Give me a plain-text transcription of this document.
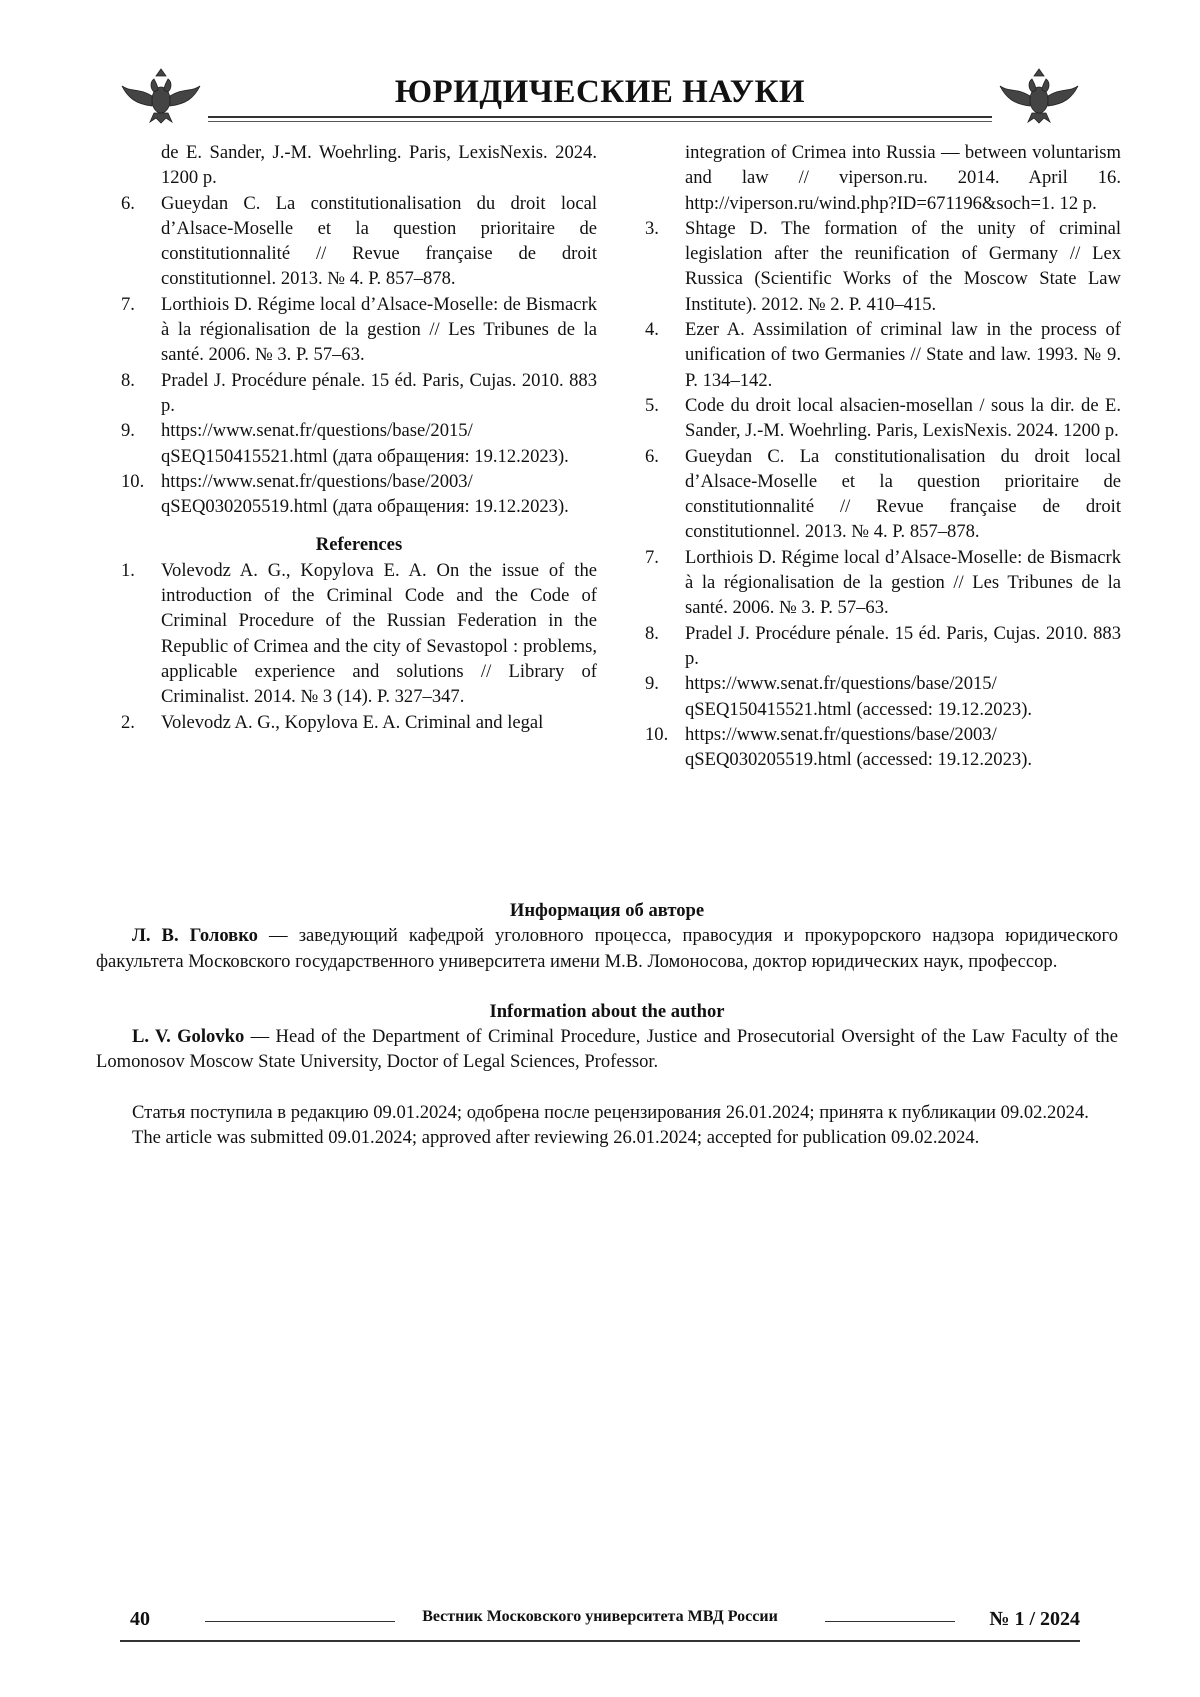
ЮРИДИЧЕСКИЕ НАУКИ
de E. Sander, J.-M. Woehrling. Paris, LexisNexis. 2024. 1200 p.
6. Gueydan C. La constitutionalisation du droit local d’Alsace-Moselle et la question prioritaire de constitutionnalité // Revue française de droit constitutionnel. 2013. № 4. P. 857–878.
7. Lorthiois D. Régime local d’Alsace-Moselle: de Bismacrk à la régionalisation de la gestion // Les Tribunes de la santé. 2006. № 3. P. 57–63.
8. Pradel J. Procédure pénale. 15 éd. Paris, Cujas. 2010. 883 p.
9. https://www.senat.fr/questions/base/2015/ qSEQ150415521.html (дата обращения: 19.12.2023).
10. https://www.senat.fr/questions/base/2003/ qSEQ030205519.html (дата обращения: 19.12.2023).
References
1. Volevodz A. G., Kopylova E. A. On the issue of the introduction of the Criminal Code and the Code of Criminal Procedure of the Russian Federation in the Republic of Crimea and the city of Sevastopol : problems, applicable experience and solutions // Library of Criminalist. 2014. № 3 (14). P. 327–347.
2. Volevodz A. G., Kopylova E. A. Criminal and legal
integration of Crimea into Russia — between voluntarism and law // viperson.ru. 2014. April 16. http://viperson.ru/wind.php?ID=671196&soch=1. 12 p.
3. Shtage D. The formation of the unity of criminal legislation after the reunification of Germany // Lex Russica (Scientific Works of the Moscow State Law Institute). 2012. № 2. P. 410–415.
4. Ezer A. Assimilation of criminal law in the process of unification of two Germanies // State and law. 1993. № 9. P. 134–142.
5. Code du droit local alsacien-mosellan / sous la dir. de E. Sander, J.-M. Woehrling. Paris, LexisNexis. 2024. 1200 p.
6. Gueydan C. La constitutionalisation du droit local d’Alsace-Moselle et la question prioritaire de constitutionnalité // Revue française de droit constitutionnel. 2013. № 4. P. 857–878.
7. Lorthiois D. Régime local d’Alsace-Moselle: de Bismacrk à la régionalisation de la gestion // Les Tribunes de la santé. 2006. № 3. P. 57–63.
8. Pradel J. Procédure pénale. 15 éd. Paris, Cujas. 2010. 883 p.
9. https://www.senat.fr/questions/base/2015/ qSEQ150415521.html (accessed: 19.12.2023).
10. https://www.senat.fr/questions/base/2003/ qSEQ030205519.html (accessed: 19.12.2023).
Информация об авторе

Л. В. Головко — заведующий кафедрой уголовного процесса, правосудия и прокурорского надзора юридического факультета Московского государственного университета имени М.В. Ломоносова, доктор юридических наук, профессор.

Information about the author

L. V. Golovko — Head of the Department of Criminal Procedure, Justice and Prosecutorial Oversight of the Law Faculty of the Lomonosov Moscow State University, Doctor of Legal Sciences, Professor.

Статья поступила в редакцию 09.01.2024; одобрена после рецензирования 26.01.2024; принята к публикации 09.02.2024.

The article was submitted 09.01.2024; approved after reviewing 26.01.2024; accepted for publication 09.02.2024.

40	Вестник Московского университета МВД России	№ 1 / 2024
